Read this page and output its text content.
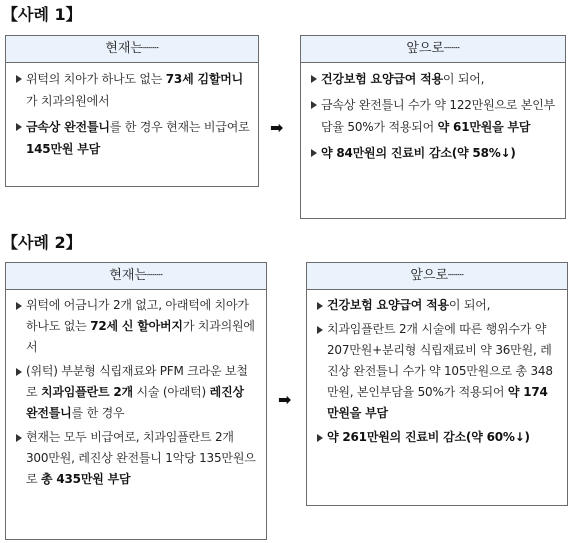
【사례 1】
현재는┈┈
위턱의 치아가 하나도 없는 73세 김할머니가 치과의원에서
금속상 완전틀니를 한 경우 현재는 비급여로 145만원 부담
➡
앞으로┈┈
건강보험 요양급여 적용이 되어,
금속상 완전틀니 수가 약 122만원으로 본인부담율 50%가 적용되어 약 61만원을 부담
약 84만원의 진료비 감소(약 58%↓)
【사례 2】
현재는┈┈
위턱에 어금니가 2개 없고, 아래턱에 치아가 하나도 없는 72세 신 할아버지가 치과의원에서
(위턱) 부분형 식립재료와 PFM 크라운 보철로 치과임플란트 2개 시술 (아래턱) 레진상 완전틀니를 한 경우
현재는 모두 비급여로, 치과임플란트 2개 300만원, 레진상 완전틀니 1악당 135만원으로 총 435만원 부담
➡
앞으로┈┈
건강보험 요양급여 적용이 되어,
치과임플란트 2개 시술에 따른 행위수가 약 207만원+분리형 식립재료비 약 36만원, 레진상 완전틀니 수가 약 105만원으로 총 348만원, 본인부담율 50%가 적용되어 약 174만원을 부담
약 261만원의 진료비 감소(약 60%↓)
